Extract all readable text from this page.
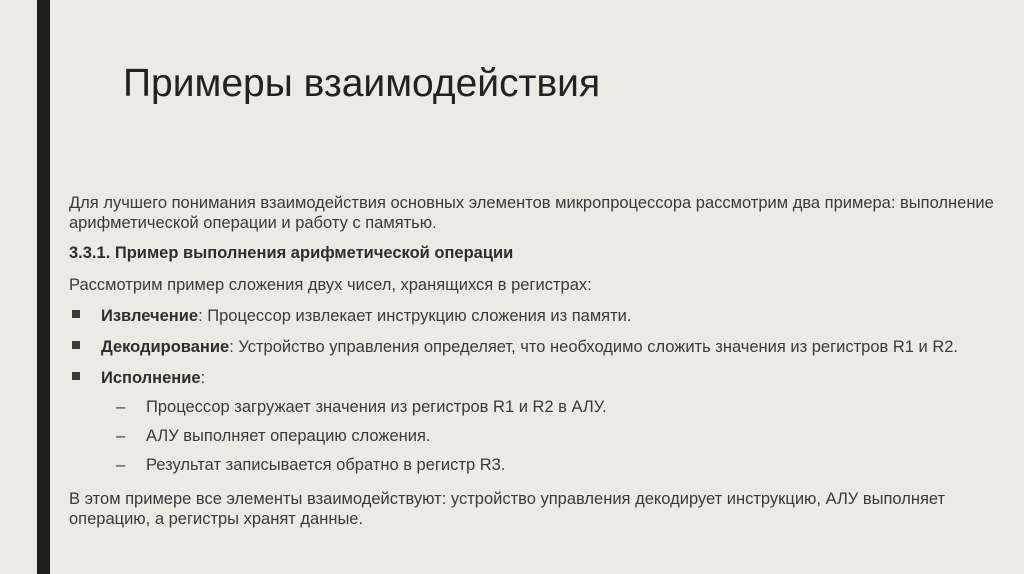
Примеры взаимодействия

Для лучшего понимания взаимодействия основных элементов микропроцессора рассмотрим два примера: выполнение арифметической операции и работу с памятью.

3.3.1. Пример выполнения арифметической операции

Рассмотрим пример сложения двух чисел, хранящихся в регистрах:

Извлечение: Процессор извлекает инструкцию сложения из памяти.
Декодирование: Устройство управления определяет, что необходимо сложить значения из регистров R1 и R2.
Исполнение:
– Процессор загружает значения из регистров R1 и R2 в АЛУ.
– АЛУ выполняет операцию сложения.
– Результат записывается обратно в регистр R3.

В этом примере все элементы взаимодействуют: устройство управления декодирует инструкцию, АЛУ выполняет операцию, а регистры хранят данные.
